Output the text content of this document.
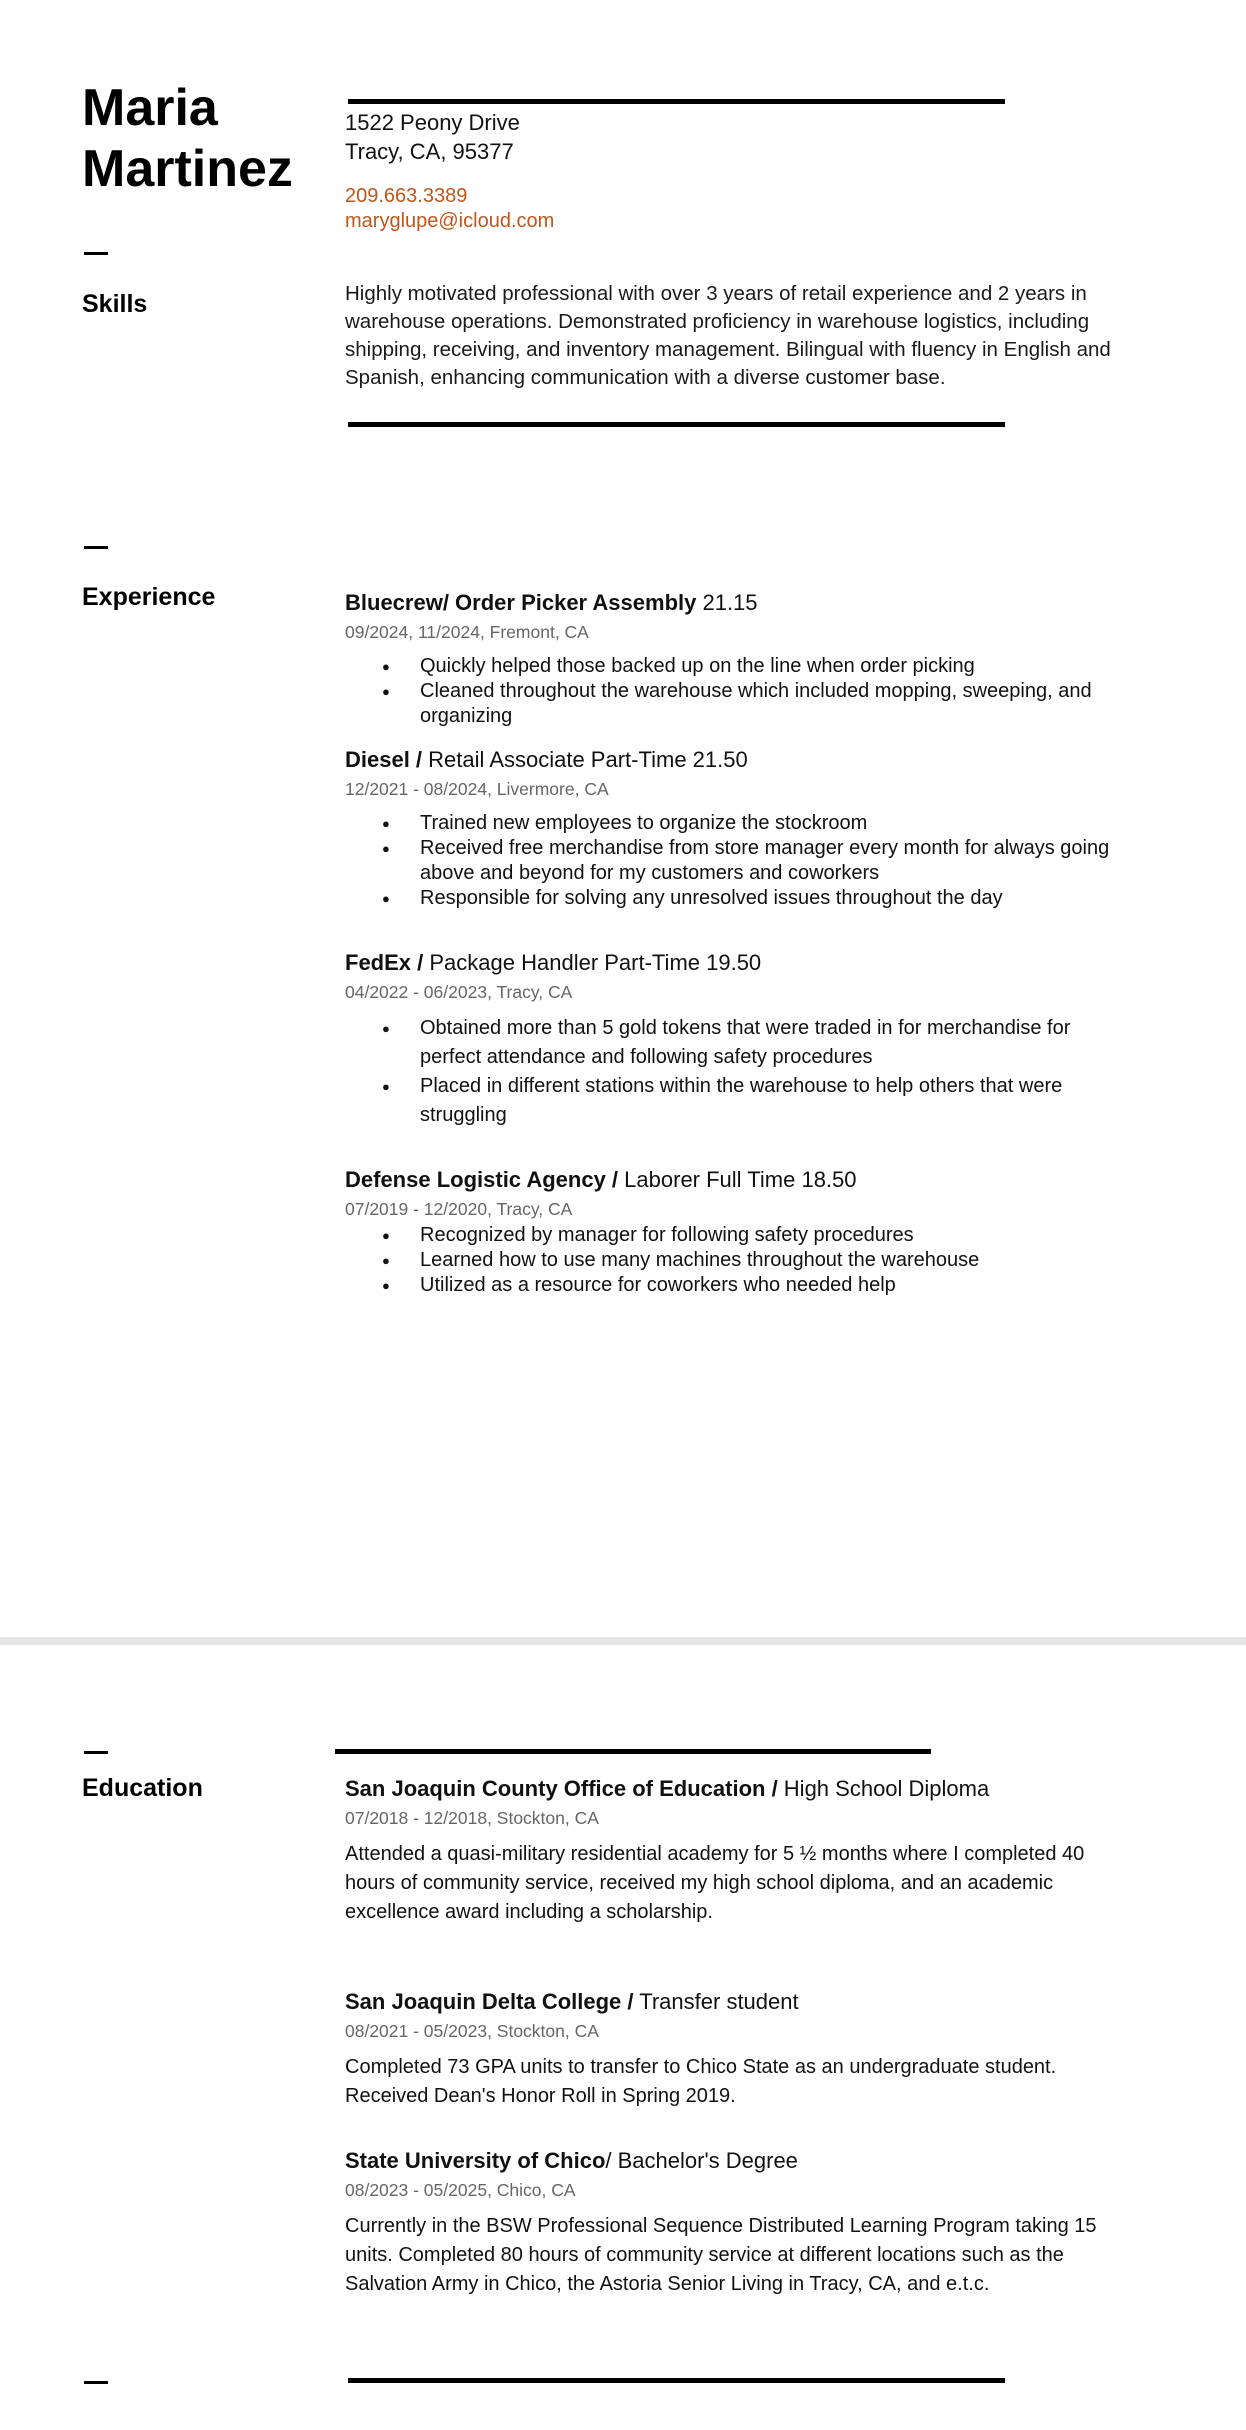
Maria
Martinez
1522 Peony Drive
Tracy, CA, 95377
209.663.3389
maryglupe@icloud.com
Skills	Highly motivated professional with over 3 years of retail experience and 2 years in warehouse operations. Demonstrated proficiency in warehouse logistics, including shipping, receiving, and inventory management. Bilingual with fluency in English and Spanish, enhancing communication with a diverse customer base.
Experience	Bluecrew/ Order Picker Assembly 21.15
09/2024, 11/2024, Fremont, CA
● Quickly helped those backed up on the line when order picking
● Cleaned throughout the warehouse which included mopping, sweeping, and organizing
Diesel / Retail Associate Part-Time 21.50
12/2021 - 08/2024, Livermore, CA
● Trained new employees to organize the stockroom
● Received free merchandise from store manager every month for always going above and beyond for my customers and coworkers
● Responsible for solving any unresolved issues throughout the day
FedEx / Package Handler Part-Time 19.50
04/2022 - 06/2023, Tracy, CA
● Obtained more than 5 gold tokens that were traded in for merchandise for perfect attendance and following safety procedures
● Placed in different stations within the warehouse to help others that were struggling
Defense Logistic Agency / Laborer Full Time 18.50
07/2019 - 12/2020, Tracy, CA
● Recognized by manager for following safety procedures
● Learned how to use many machines throughout the warehouse
● Utilized as a resource for coworkers who needed help
Education	San Joaquin County Office of Education / High School Diploma
07/2018 - 12/2018, Stockton, CA
Attended a quasi-military residential academy for 5 ½ months where I completed 40 hours of community service, received my high school diploma, and an academic excellence award including a scholarship.
San Joaquin Delta College / Transfer student
08/2021 - 05/2023, Stockton, CA
Completed 73 GPA units to transfer to Chico State as an undergraduate student. Received Dean's Honor Roll in Spring 2019.
State University of Chico/ Bachelor's Degree
08/2023 - 05/2025, Chico, CA
Currently in the BSW Professional Sequence Distributed Learning Program taking 15 units. Completed 80 hours of community service at different locations such as the Salvation Army in Chico, the Astoria Senior Living in Tracy, CA, and e.t.c.
